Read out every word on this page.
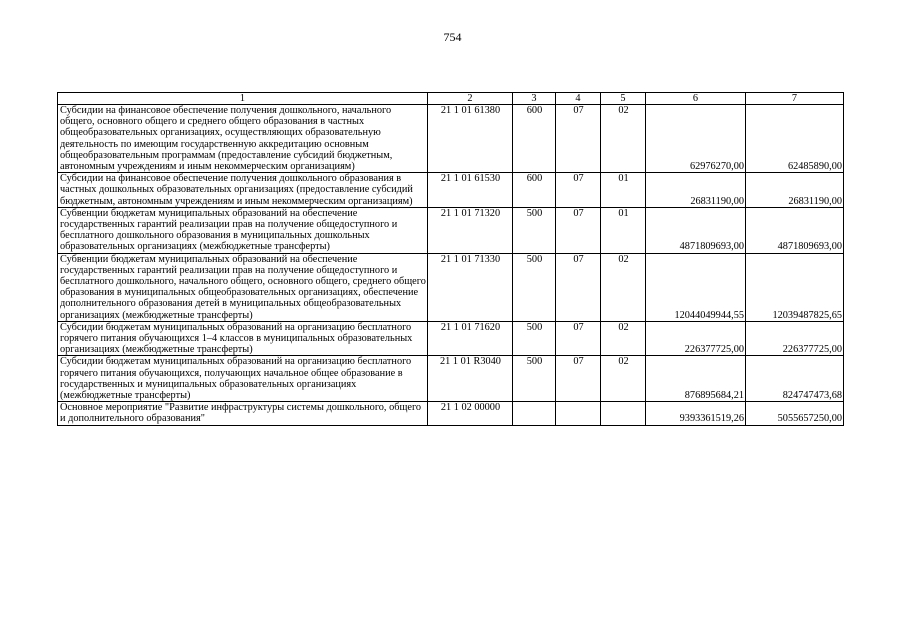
754
1	2	3	4	5	6	7
Субсидии на финансовое обеспечение получения дошкольного, начального общего, основного общего и среднего общего образования в частных общеобразовательных организациях, осуществляющих образовательную деятельность по имеющим государственную аккредитацию основным общеобразовательным программам (предоставление субсидий бюджетным, автономным учреждениям и иным некоммерческим организациям)	21 1 01 61380	600	07	02	62976270,00	62485890,00
Субсидии на финансовое обеспечение получения дошкольного образования в частных дошкольных образовательных организациях (предоставление субсидий бюджетным, автономным учреждениям и иным некоммерческим организациям)	21 1 01 61530	600	07	01	26831190,00	26831190,00
Субвенции бюджетам муниципальных образований на обеспечение государственных гарантий реализации прав на получение общедоступного и бесплатного дошкольного образования в муниципальных дошкольных образовательных организациях (межбюджетные трансферты)	21 1 01 71320	500	07	01	4871809693,00	4871809693,00
Субвенции бюджетам муниципальных образований на обеспечение государственных гарантий реализации прав на получение общедоступного и бесплатного дошкольного, начального общего, основного общего, среднего общего образования в муниципальных общеобразовательных организациях, обеспечение дополнительного образования детей в муниципальных общеобразовательных организациях (межбюджетные трансферты)	21 1 01 71330	500	07	02	12044049944,55	12039487825,65
Субсидии бюджетам муниципальных образований на организацию бесплатного горячего питания обучающихся 1–4 классов в муниципальных образовательных организациях (межбюджетные трансферты)	21 1 01 71620	500	07	02	226377725,00	226377725,00
Субсидии бюджетам муниципальных образований на организацию бесплатного горячего питания обучающихся, получающих начальное общее образование в государственных и муниципальных образовательных организациях (межбюджетные трансферты)	21 1 01 R3040	500	07	02	876895684,21	824747473,68
Основное мероприятие "Развитие инфраструктуры системы дошкольного, общего и дополнительного образования"	21 1 02 00000				9393361519,26	5055657250,00
